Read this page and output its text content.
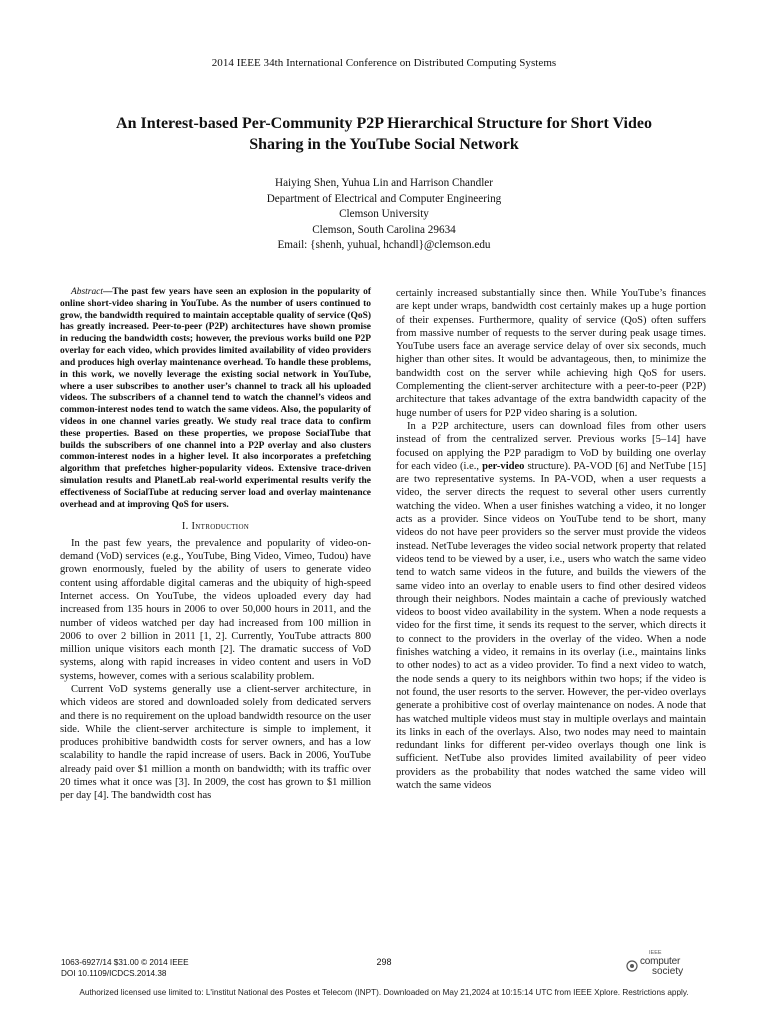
2014 IEEE 34th International Conference on Distributed Computing Systems
An Interest-based Per-Community P2P Hierarchical Structure for Short Video
Sharing in the YouTube Social Network
Haiying Shen, Yuhua Lin and Harrison Chandler
Department of Electrical and Computer Engineering
Clemson University
Clemson, South Carolina 29634
Email: {shenh, yuhual, hchandl}@clemson.edu

Abstract—The past few years have seen an explosion in the popularity of online short-video sharing in YouTube. As the number of users continued to grow, the bandwidth required to maintain acceptable quality of service (QoS) has greatly increased. Peer-to-peer (P2P) architectures have shown promise in reducing the bandwidth costs; however, the previous works build one P2P overlay for each video, which provides limited availability of video providers and produces high overlay maintenance overhead. To handle these problems, in this work, we novelly leverage the existing social network in YouTube, where a user subscribes to another user’s channel to track all his uploaded videos. The subscribers of a channel tend to watch the channel’s videos and common-interest nodes tend to watch the same videos. Also, the popularity of videos in one channel varies greatly. We study real trace data to confirm these properties. Based on these properties, we propose SocialTube that builds the subscribers of one channel into a P2P overlay and also clusters common-interest nodes in a higher level. It also incorporates a prefetching algorithm that prefetches higher-popularity videos. Extensive trace-driven simulation results and PlanetLab real-world experimental results verify the effectiveness of SocialTube at reducing server load and overlay maintenance overhead and at improving QoS for users.

I. Introduction

In the past few years, the prevalence and popularity of video-on-demand (VoD) services (e.g., YouTube, Bing Video, Vimeo, Tudou) have grown enormously, fueled by the ability of users to generate video content using affordable digital cameras and the ubiquity of high-speed Internet access. On YouTube, the videos uploaded every day had increased from 135 hours in 2006 to over 50,000 hours in 2011, and the number of videos watched per day had increased from 100 million in 2006 to over 2 billion in 2011 [1, 2]. Currently, YouTube attracts 800 million unique visitors each month [2]. The dramatic success of VoD systems, along with rapid increases in video content and users in VoD systems, however, comes with a serious scalability problem.

Current VoD systems generally use a client-server architecture, in which videos are stored and downloaded solely from dedicated servers and there is no requirement on the upload bandwidth resource on the user side. While the client-server architecture is simple to implement, it produces prohibitive bandwidth costs for server owners, and has a low scalability to handle the rapid increase of users. Back in 2006, YouTube already paid over $1 million a month on bandwidth; with its traffic over 20 times what it once was [3]. In 2009, the cost has grown to $1 million per day [4]. The bandwidth cost has

certainly increased substantially since then. While YouTube’s finances are kept under wraps, bandwidth cost certainly makes up a huge portion of their expenses. Furthermore, quality of service (QoS) often suffers from massive number of requests to the server during peak usage times. YouTube users face an average service delay of over six seconds, much higher than other sites. It would be advantageous, then, to minimize the bandwidth cost on the server while achieving high QoS for users. Complementing the client-server architecture with a peer-to-peer (P2P) architecture that takes advantage of the extra bandwidth capacity of the huge number of users for P2P video sharing is a solution.

In a P2P architecture, users can download files from other users instead of from the centralized server. Previous works [5–14] have focused on applying the P2P paradigm to VoD by building one overlay for each video (i.e., per-video structure). PA-VOD [6] and NetTube [15] are two representative systems. In PA-VOD, when a user requests a video, the server directs the request to several other users currently watching the video. When a user finishes watching a video, it no longer acts as a provider. Since videos on YouTube tend to be short, many videos do not have peer providers so the server must provide the videos instead. NetTube leverages the video social network property that related videos tend to be viewed by a user, i.e., users who watch the same video tend to watch same videos in the future, and builds the viewers of the same video into an overlay to enable users to find other desired videos through their neighbors. Nodes maintain a cache of previously watched videos to boost video availability in the system. When a node requests a video for the first time, it sends its request to the server, which directs it to connect to the providers in the overlay of the video. When a node finishes watching a video, it remains in its overlay (i.e., maintains links to other nodes) to act as a video provider. To find a next video to watch, the node sends a query to its neighbors within two hops; if the video is not found, the user resorts to the server. However, the per-video overlays generate a prohibitive cost of overlay maintenance on nodes. A node that has watched multiple videos must stay in multiple overlays and maintain its links in each of the overlays. Also, two nodes may need to maintain redundant links for different per-video overlays though one link is sufficient. NetTube also provides limited availability of peer video providers as the probability that nodes watched the same video will watch the same videos

1063-6927/14 $31.00 © 2014 IEEE
DOI 10.1109/ICDCS.2014.38
298
IEEE
computer
society
Authorized licensed use limited to: L'institut National des Postes et Telecom (INPT). Downloaded on May 21,2024 at 10:15:14 UTC from IEEE Xplore. Restrictions apply.
